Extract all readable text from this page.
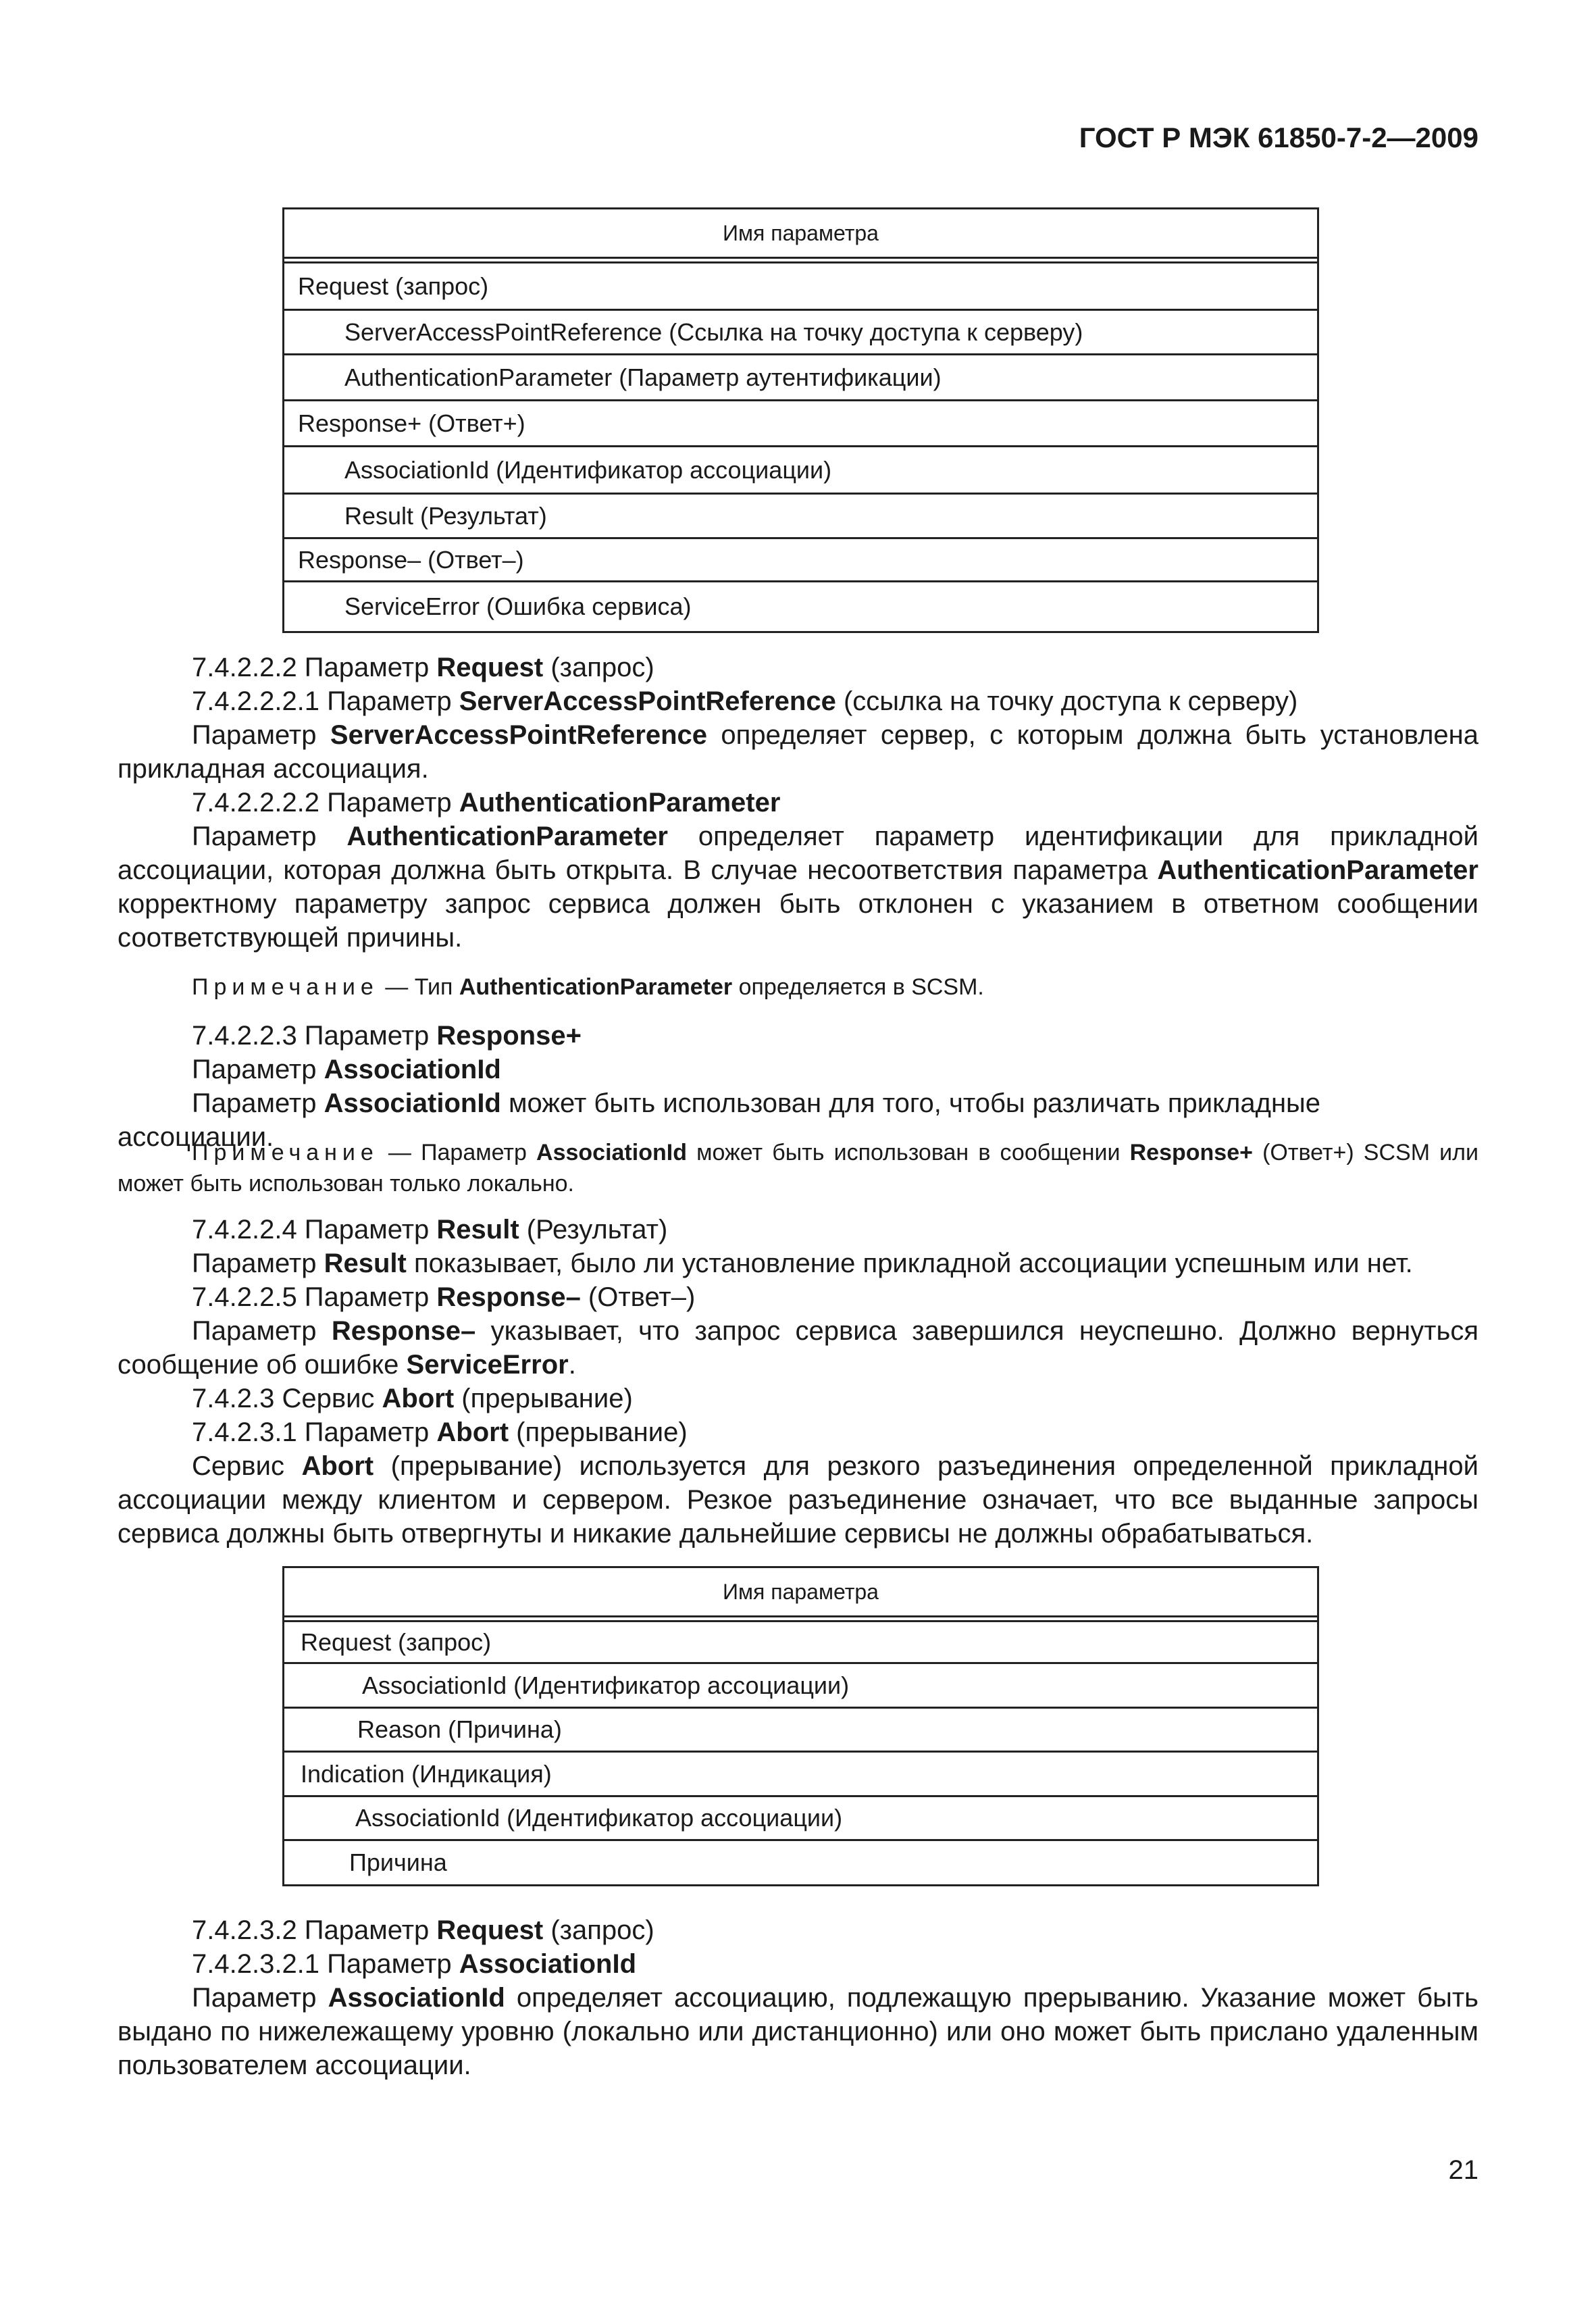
ГОСТ Р МЭК 61850-7-2—2009
Имя параметра
Request (запрос)
ServerAccessPointReference (Ссылка на точку доступа к серверу)
AuthenticationParameter (Параметр аутентификации)
Response+ (Ответ+)
AssociationId (Идентификатор ассоциации)
Result (Результат)
Response– (Ответ–)
ServiceError (Ошибка сервиса)

7.4.2.2.2 Параметр Request (запрос)

7.4.2.2.2.1 Параметр ServerAccessPointReference (ссылка на точку доступа к серверу)

Параметр ServerAccessPointReference определяет сервер, с которым должна быть установлена прикладная ассоциация.

7.4.2.2.2.2 Параметр AuthenticationParameter

Параметр AuthenticationParameter определяет параметр идентификации для прикладной ассоциации, которая должна быть открыта. В случае несоответствия параметра AuthenticationParameter корректному параметру запрос сервиса должен быть отклонен с указанием в ответном сообщении соответствующей причины.

Примечание — Тип AuthenticationParameter определяется в SCSM.

7.4.2.2.3 Параметр Response+

Параметр AssociationId

Параметр AssociationId может быть использован для того, чтобы различать прикладные ассоциации.

Примечание — Параметр AssociationId может быть использован в сообщении Response+ (Ответ+) SCSM или может быть использован только локально.

7.4.2.2.4 Параметр Result (Результат)

Параметр Result показывает, было ли установление прикладной ассоциации успешным или нет.

7.4.2.2.5 Параметр Response– (Ответ–)

Параметр Response– указывает, что запрос сервиса завершился неуспешно. Должно вернуться сообщение об ошибке ServiceError.

7.4.2.3 Сервис Abort (прерывание)

7.4.2.3.1 Параметр Abort (прерывание)

Сервис Abort (прерывание) используется для резкого разъединения определенной прикладной ассоциации между клиентом и сервером. Резкое разъединение означает, что все выданные запросы сервиса должны быть отвергнуты и никакие дальнейшие сервисы не должны обрабатываться.

Имя параметра
Request (запрос)
AssociationId (Идентификатор ассоциации)
Reason (Причина)
Indication (Индикация)
AssociationId (Идентификатор ассоциации)
Причина

7.4.2.3.2 Параметр Request (запрос)

7.4.2.3.2.1 Параметр AssociationId

Параметр AssociationId определяет ассоциацию, подлежащую прерыванию. Указание может быть выдано по нижележащему уровню (локально или дистанционно) или оно может быть прислано удаленным пользователем ассоциации.

21
